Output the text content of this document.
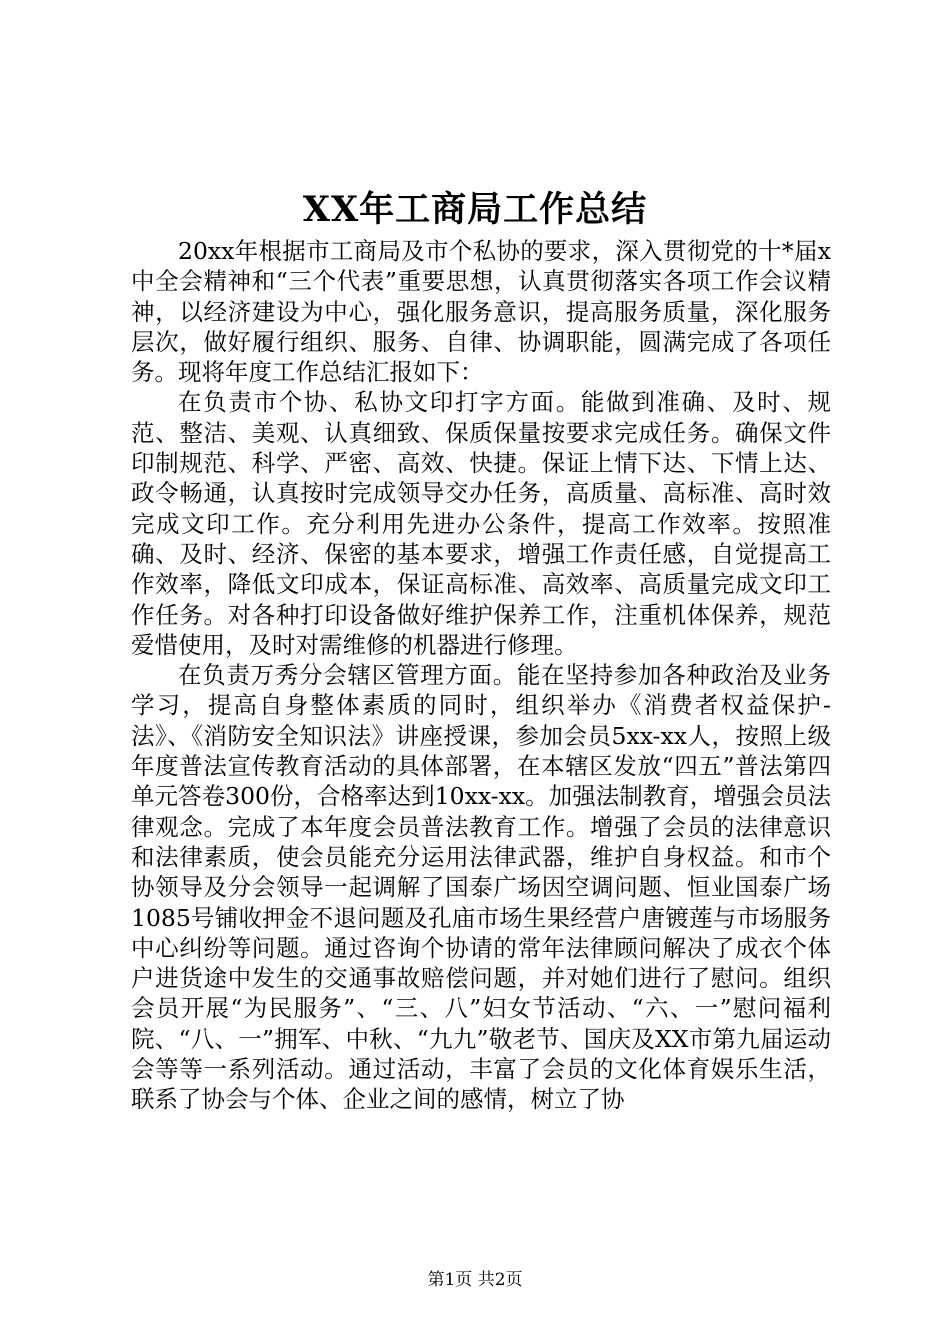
XX年工商局工作总结

20xx年根据市工商局及市个私协的要求，深入贯彻党的十*届x中全会精神和“三个代表”重要思想，认真贯彻落实各项工作会议精神，以经济建设为中心，强化服务意识，提高服务质量，深化服务层次，做好履行组织、服务、自律、协调职能，圆满完成了各项任务。现将年度工作总结汇报如下：

在负责市个协、私协文印打字方面。能做到准确、及时、规范、整洁、美观、认真细致、保质保量按要求完成任务。确保文件印制规范、科学、严密、高效、快捷。保证上情下达、下情上达、政令畅通，认真按时完成领导交办任务，高质量、高标准、高时效完成文印工作。充分利用先进办公条件，提高工作效率。按照准确、及时、经济、保密的基本要求，增强工作责任感，自觉提高工作效率，降低文印成本，保证高标准、高效率、高质量完成文印工作任务。对各种打印设备做好维护保养工作，注重机体保养，规范爱惜使用，及时对需维修的机器进行修理。

在负责万秀分会辖区管理方面。能在坚持参加各种政治及业务学习，提高自身整体素质的同时，组织举办《消费者权益保护-法》、《消防安全知识法》讲座授课，参加会员5xx-xx人，按照上级年度普法宣传教育活动的具体部署，在本辖区发放“四五”普法第四单元答卷300份，合格率达到10xx-xx。加强法制教育，增强会员法律观念。完成了本年度会员普法教育工作。增强了会员的法律意识和法律素质，使会员能充分运用法律武器，维护自身权益。和市个协领导及分会领导一起调解了国泰广场因空调问题、恒业国泰广场1085号铺收押金不退问题及孔庙市场生果经营户唐镀莲与市场服务中心纠纷等问题。通过咨询个协请的常年法律顾问解决了成衣个体户进货途中发生的交通事故赔偿问题，并对她们进行了慰问。组织会员开展“为民服务”、“三、八”妇女节活动、“六、一”慰问福利院、“八、一”拥军、中秋、“九九”敬老节、国庆及XX市第九届运动会等等一系列活动。通过活动，丰富了会员的文化体育娱乐生活，联系了协会与个体、企业之间的感情，树立了协

第1页 共2页
